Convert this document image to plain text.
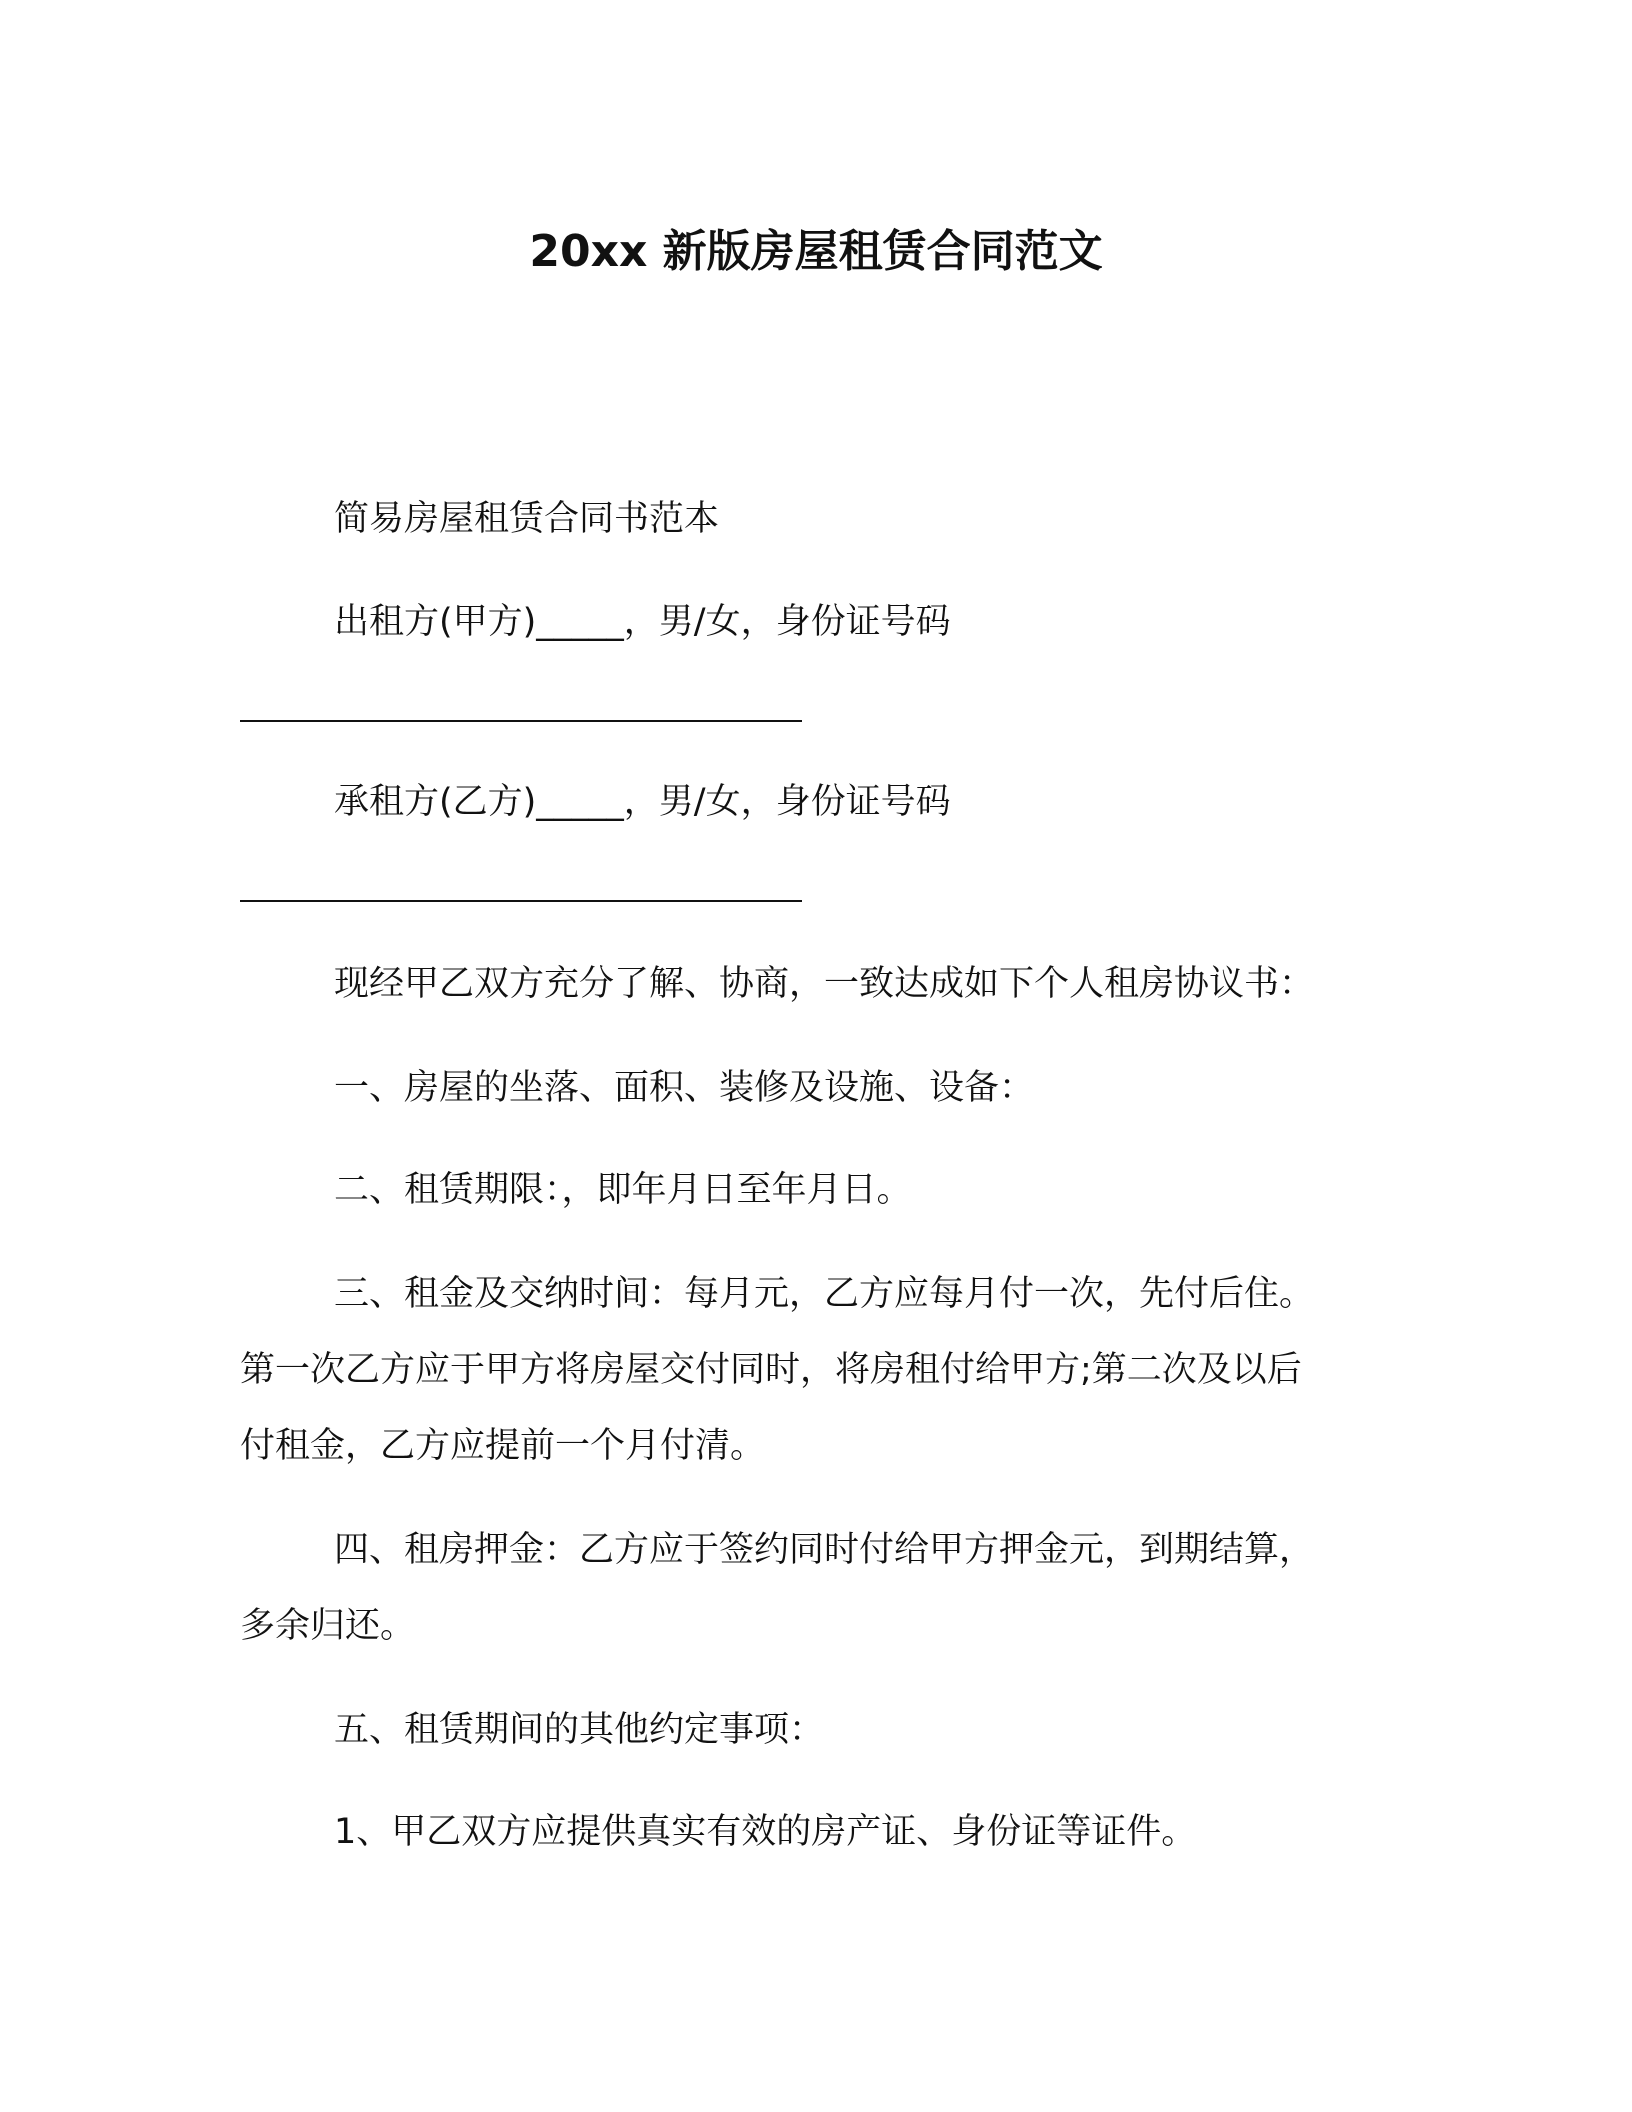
20xx 新版房屋租赁合同范文
简易房屋租赁合同书范本
出租方(甲方)_____，男/女，身份证号码
承租方(乙方)_____，男/女，身份证号码
现经甲乙双方充分了解、协商，一致达成如下个人租房协议书：
一、房屋的坐落、面积、装修及设施、设备：
二、租赁期限：，即年月日至年月日。
三、租金及交纳时间：每月元，乙方应每月付一次，先付后住。
第一次乙方应于甲方将房屋交付同时，将房租付给甲方;第二次及以后
付租金，乙方应提前一个月付清。
四、租房押金：乙方应于签约同时付给甲方押金元，到期结算，
多余归还。
五、租赁期间的其他约定事项：
1、甲乙双方应提供真实有效的房产证、身份证等证件。
